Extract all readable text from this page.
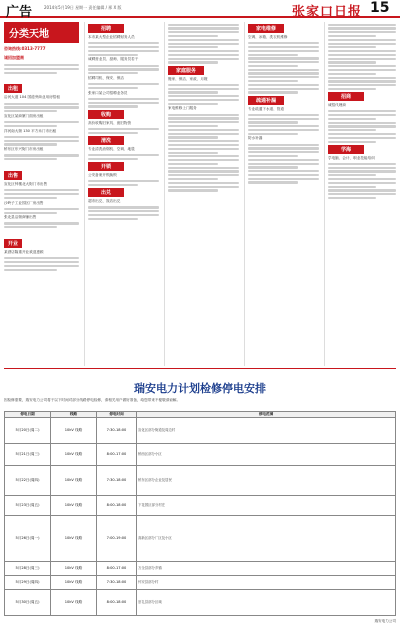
广告	2014年5月19日 星期一 责任编辑 / 邢 X 版	张家口日报 15
分类天地
咨询热线:0313-7777
诚招加盟商
出租
沿河大道 104 国道旁商业用房招租
宣化区某商厦门面房出租
洋河南大街 130 平方米门市出租
桥东区东兴街门市房出租
出售
宣化区钟楼北大街门市出售
沙岭子工业园区厂房出售
张北县沿街商铺出售
开业
某酒店隆重开业欢迎惠顾
招聘
本市某大型企业招聘财务人员
诚聘营业员、厨师、服务员若干
招聘司机、保安、保洁
张家口某公司招聘业务员
收购
高价收购旧家具、废旧物资
清洗
专业清洗油烟机、空调、地毯
开锁
公安备案开锁换锁
出兑
超市出兑、饭店出兑
家庭服务
搬家、保洁、家政、月嫂
家电维修上门服务
家电维修
空调、冰箱、洗衣机维修
疏通补漏
专业疏通下水道、管道
防水补漏
招商
诚招代理商
学海
学电脑、会计、职业技能培训
瑞安电力计划检修停电安排
因检修需要，瑞安电力公司将于以下时间对部分线路停电检修，请相关用户做好准备，给您带来不便敬请谅解。
停电日期	线路	停电时间	停电范围
5月20日(周二)	10kV 线路	7:30-18:00	宣化区部分街道及周边村
5月21日(周三)	10kV 线路	8:00-17:00	桥西区部分小区
5月22日(周四)	10kV 线路	7:30-18:00	桥东区部分企业及居民
5月23日(周五)	10kV 线路	8:00-18:00	下花园区部分村庄
5月26日(周一)	10kV 线路	7:00-19:00	高新区部分厂区及小区
5月28日(周三)	10kV 线路	8:00-17:00	万全县部分乡镇
5月29日(周四)	10kV 线路	7:30-18:00	怀安县部分村
5月30日(周五)	10kV 线路	8:00-18:00	崇礼县部分区域
瑞安电力公司
